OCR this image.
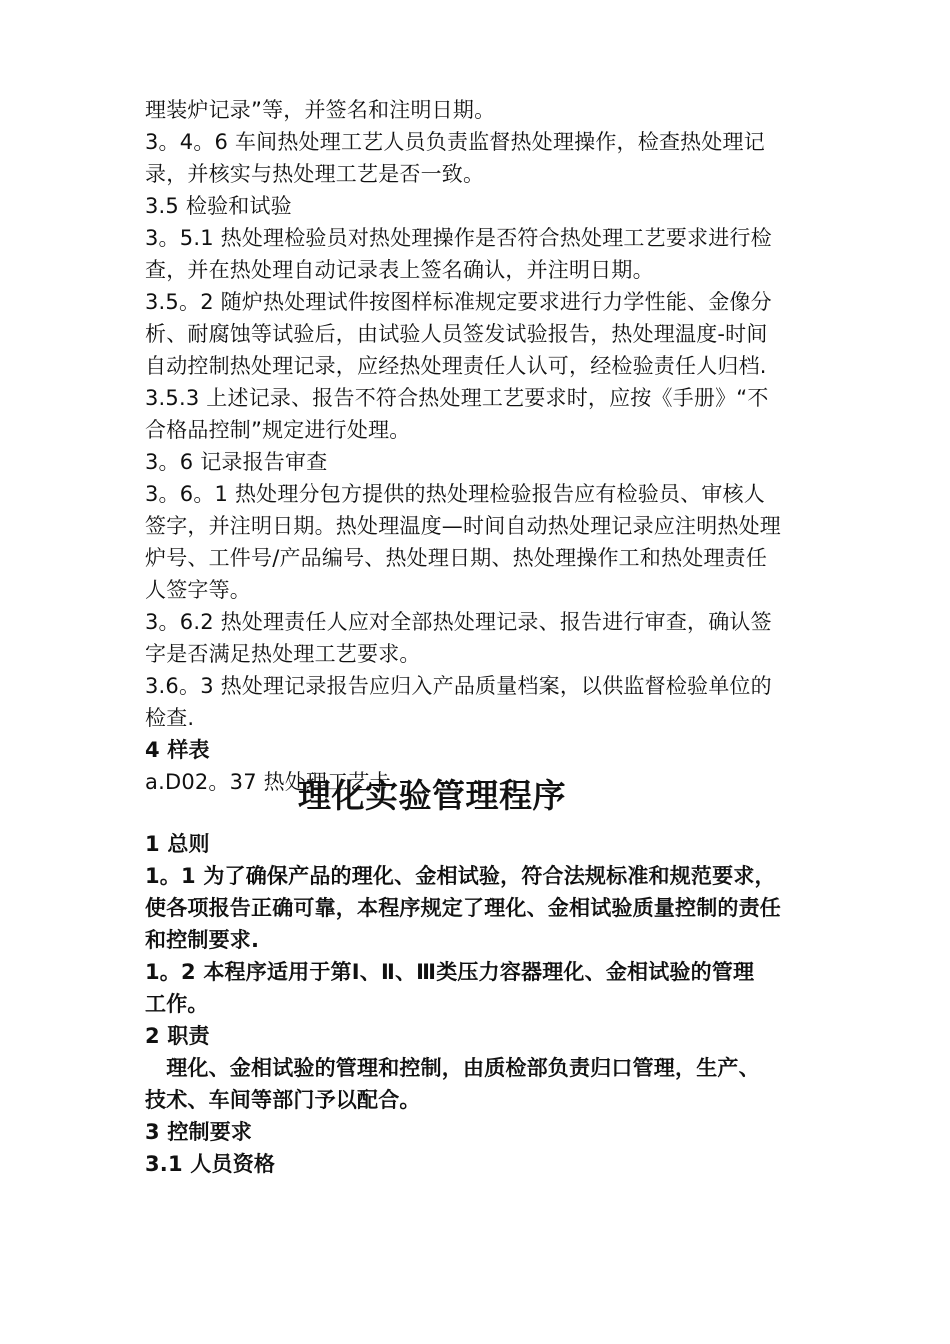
理装炉记录”等，并签名和注明日期。
3。4。6 车间热处理工艺人员负责监督热处理操作，检查热处理记
录，并核实与热处理工艺是否一致。
3.5 检验和试验
3。5.1 热处理检验员对热处理操作是否符合热处理工艺要求进行检
查，并在热处理自动记录表上签名确认，并注明日期。
3.5。2 随炉热处理试件按图样标准规定要求进行力学性能、金像分
析、耐腐蚀等试验后，由试验人员签发试验报告，热处理温度-时间
自动控制热处理记录，应经热处理责任人认可，经检验责任人归档.
3.5.3 上述记录、报告不符合热处理工艺要求时，应按《手册》“不
合格品控制”规定进行处理。
3。6 记录报告审查
3。6。1 热处理分包方提供的热处理检验报告应有检验员、审核人
签字，并注明日期。热处理温度—时间自动热处理记录应注明热处理
炉号、工件号/产品编号、热处理日期、热处理操作工和热处理责任
人签字等。
3。6.2 热处理责任人应对全部热处理记录、报告进行审查，确认签
字是否满足热处理工艺要求。
3.6。3 热处理记录报告应归入产品质量档案，以供监督检验单位的
检查.
4 样表
a.D02。37 热处理工艺卡
理化实验管理程序
1 总则
1。1 为了确保产品的理化、金相试验，符合法规标准和规范要求，
使各项报告正确可靠，本程序规定了理化、金相试验质量控制的责任
和控制要求.
1。2 本程序适用于第Ⅰ、Ⅱ、Ⅲ类压力容器理化、金相试验的管理
工作。
2 职责
　理化、金相试验的管理和控制，由质检部负责归口管理，生产、
技术、车间等部门予以配合。
3 控制要求
3.1 人员资格
